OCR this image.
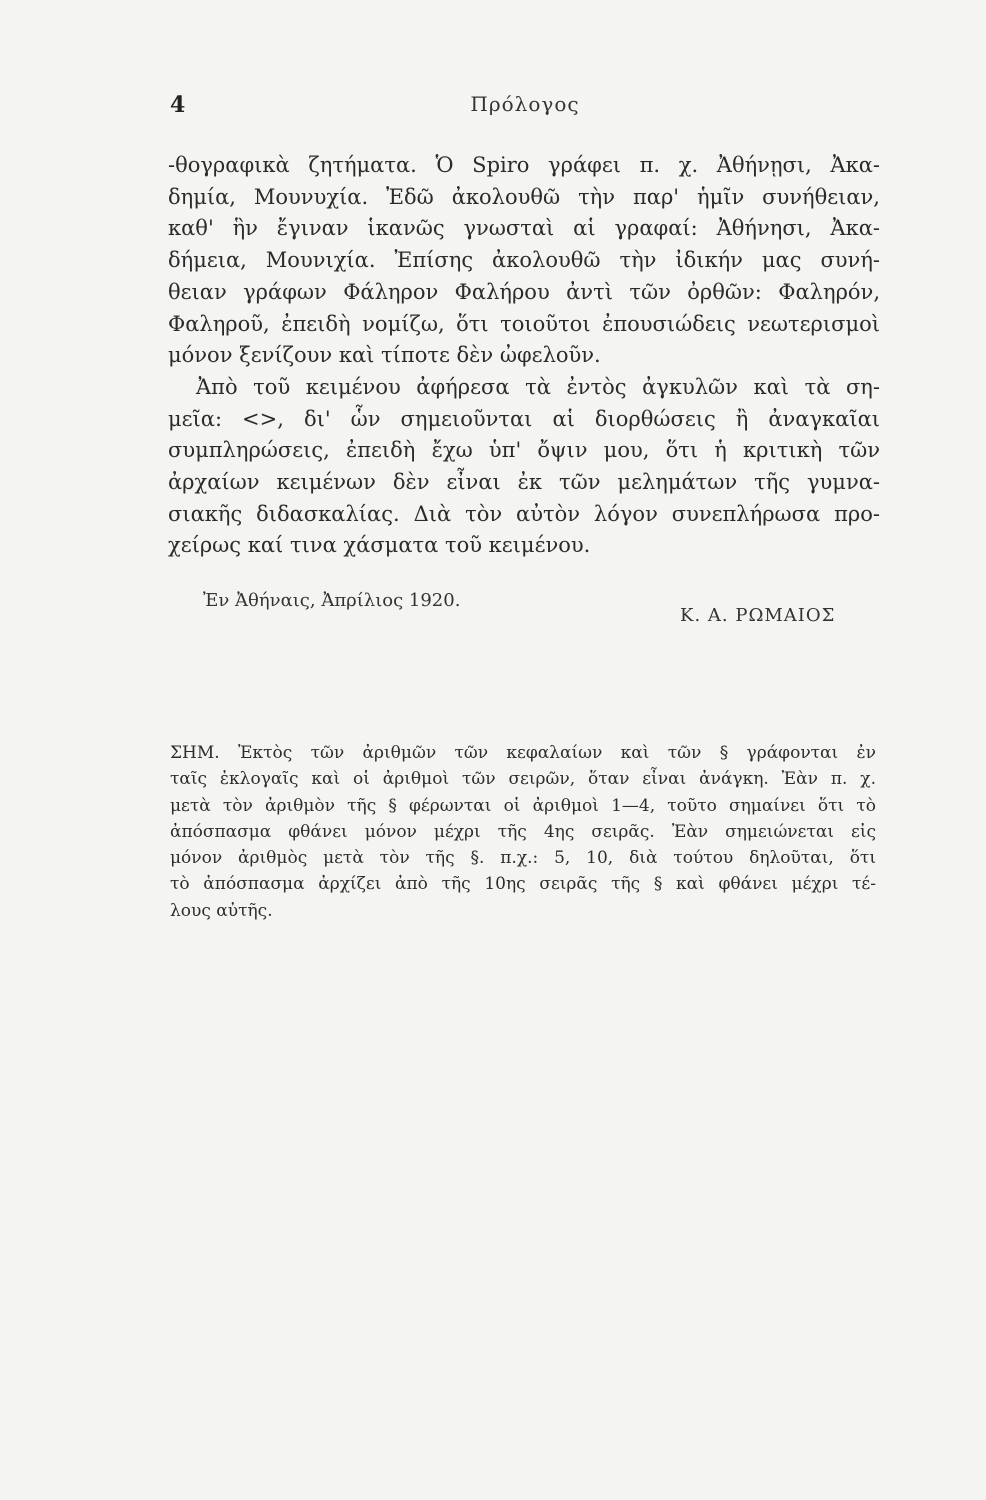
4	Πρόλογος

-θογραφικὰ ζητήματα. Ὁ Spiro γράφει π. χ. Ἀθήνῃσι, Ἀκα-
δημία, Μουνυχία. Ἐδῶ ἀκολουθῶ τὴν παρ' ἡμῖν συνήθειαν,
καθ' ἣν ἔγιναν ἱκανῶς γνωσταὶ αἱ γραφαί: Ἀθήνησι, Ἀκα-
δήμεια, Μουνιχία. Ἐπίσης ἀκολουθῶ τὴν ἰδικήν μας συνή-
θειαν γράφων Φάληρον Φαλήρου ἀντὶ τῶν ὀρθῶν: Φαληρόν,
Φαληροῦ, ἐπειδὴ νομίζω, ὅτι τοιοῦτοι ἐπουσιώδεις νεωτερισμοὶ
μόνον ξενίζουν καὶ τίποτε δὲν ὠφελοῦν.

Ἀπὸ τοῦ κειμένου ἀφήρεσα τὰ ἐντὸς ἀγκυλῶν καὶ τὰ ση-
μεῖα: <>, δι' ὧν σημειοῦνται αἱ διορθώσεις ἢ ἀναγκαῖαι
συμπληρώσεις, ἐπειδὴ ἔχω ὑπ' ὄψιν μου, ὅτι ἡ κριτικὴ τῶν
ἀρχαίων κειμένων δὲν εἶναι ἐκ τῶν μελημάτων τῆς γυμνα-
σιακῆς διδασκαλίας. Διὰ τὸν αὐτὸν λόγον συνεπλήρωσα προ-
χείρως καί τινα χάσματα τοῦ κειμένου.

Ἐν Ἀθήναις, Ἀπρίλιος 1920.
Κ. Α. ΡΩΜΑΙΟΣ

ΣΗΜ. Ἐκτὸς τῶν ἀριθμῶν τῶν κεφαλαίων καὶ τῶν § γράφονται ἐν
ταῖς ἐκλογαῖς καὶ οἱ ἀριθμοὶ τῶν σειρῶν, ὅταν εἶναι ἀνάγκη. Ἐὰν π. χ.
μετὰ τὸν ἀριθμὸν τῆς § φέρωνται οἱ ἀριθμοὶ 1—4, τοῦτο σημαίνει ὅτι τὸ
ἀπόσπασμα φθάνει μόνον μέχρι τῆς 4ης σειρᾶς. Ἐὰν σημειώνεται εἰς
μόνον ἀριθμὸς μετὰ τὸν τῆς §. π.χ.: 5, 10, διὰ τούτου δηλοῦται, ὅτι
τὸ ἀπόσπασμα ἀρχίζει ἀπὸ τῆς 10ης σειρᾶς τῆς § καὶ φθάνει μέχρι τέ-
λους αὐτῆς.
